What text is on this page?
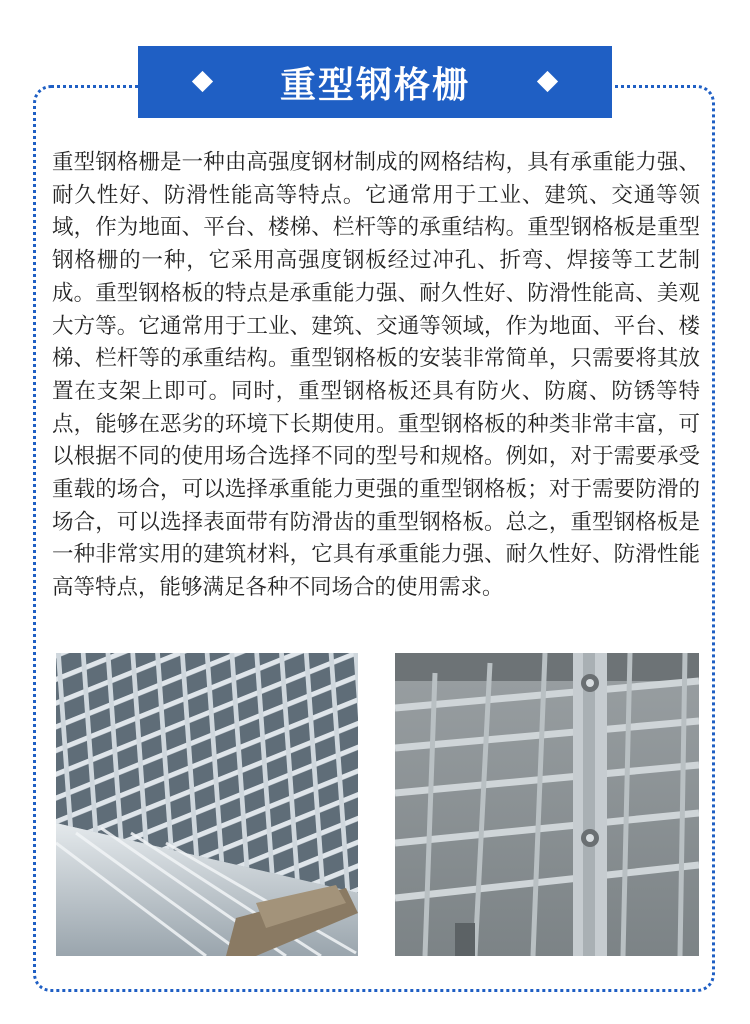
重型钢格栅

重型钢格栅是一种由高强度钢材制成的网格结构，具有承重能力强、耐久性好、防滑性能高等特点。它通常用于工业、建筑、交通等领域，作为地面、平台、楼梯、栏杆等的承重结构。重型钢格板是重型钢格栅的一种，它采用高强度钢板经过冲孔、折弯、焊接等工艺制成。重型钢格板的特点是承重能力强、耐久性好、防滑性能高、美观大方等。它通常用于工业、建筑、交通等领域，作为地面、平台、楼梯、栏杆等的承重结构。重型钢格板的安装非常简单，只需要将其放置在支架上即可。同时，重型钢格板还具有防火、防腐、防锈等特点，能够在恶劣的环境下长期使用。重型钢格板的种类非常丰富，可以根据不同的使用场合选择不同的型号和规格。例如，对于需要承受重载的场合，可以选择承重能力更强的重型钢格板；对于需要防滑的场合，可以选择表面带有防滑齿的重型钢格板。总之，重型钢格板是一种非常实用的建筑材料，它具有承重能力强、耐久性好、防滑性能高等特点，能够满足各种不同场合的使用需求。
